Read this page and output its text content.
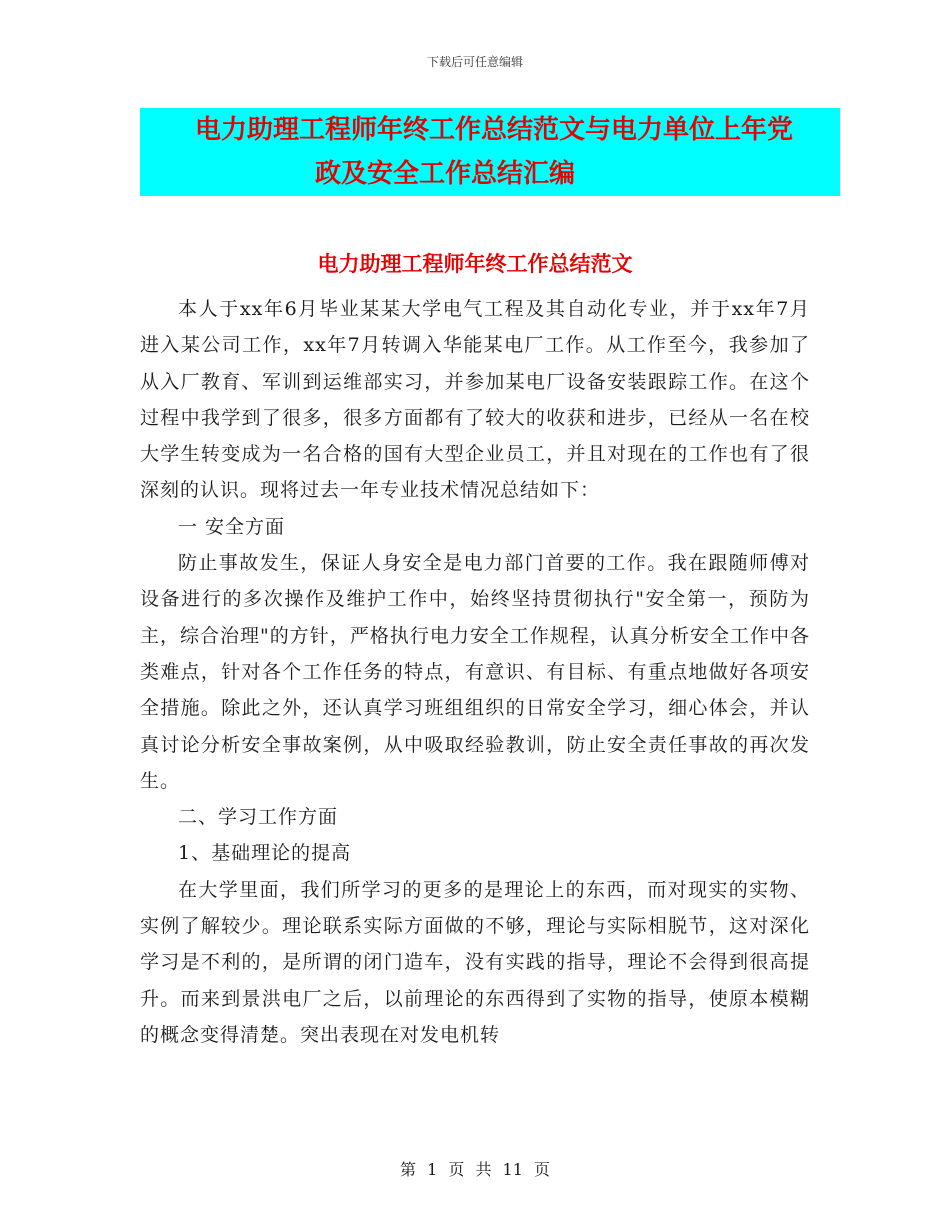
下载后可任意编辑
电力助理工程师年终工作总结范文与电力单位上年党
政及安全工作总结汇编
电力助理工程师年终工作总结范文

本人于xx年6月毕业某某大学电气工程及其自动化专业，并于xx年7月进入某公司工作，xx年7月转调入华能某电厂工作。从工作至今，我参加了从入厂教育、军训到运维部实习，并参加某电厂设备安装跟踪工作。在这个过程中我学到了很多，很多方面都有了较大的收获和进步，已经从一名在校大学生转变成为一名合格的国有大型企业员工，并且对现在的工作也有了很深刻的认识。现将过去一年专业技术情况总结如下：

一 安全方面

防止事故发生，保证人身安全是电力部门首要的工作。我在跟随师傅对设备进行的多次操作及维护工作中，始终坚持贯彻执行"安全第一，预防为主，综合治理"的方针，严格执行电力安全工作规程，认真分析安全工作中各类难点，针对各个工作任务的特点，有意识、有目标、有重点地做好各项安全措施。除此之外，还认真学习班组组织的日常安全学习，细心体会，并认真讨论分析安全事故案例，从中吸取经验教训，防止安全责任事故的再次发生。

二、学习工作方面

1、基础理论的提高

在大学里面，我们所学习的更多的是理论上的东西，而对现实的实物、实例了解较少。理论联系实际方面做的不够，理论与实际相脱节，这对深化学习是不利的，是所谓的闭门造车，没有实践的指导，理论不会得到很高提升。而来到景洪电厂之后，以前理论的东西得到了实物的指导，使原本模糊的概念变得清楚。突出表现在对发电机转

第 1 页 共 11 页
